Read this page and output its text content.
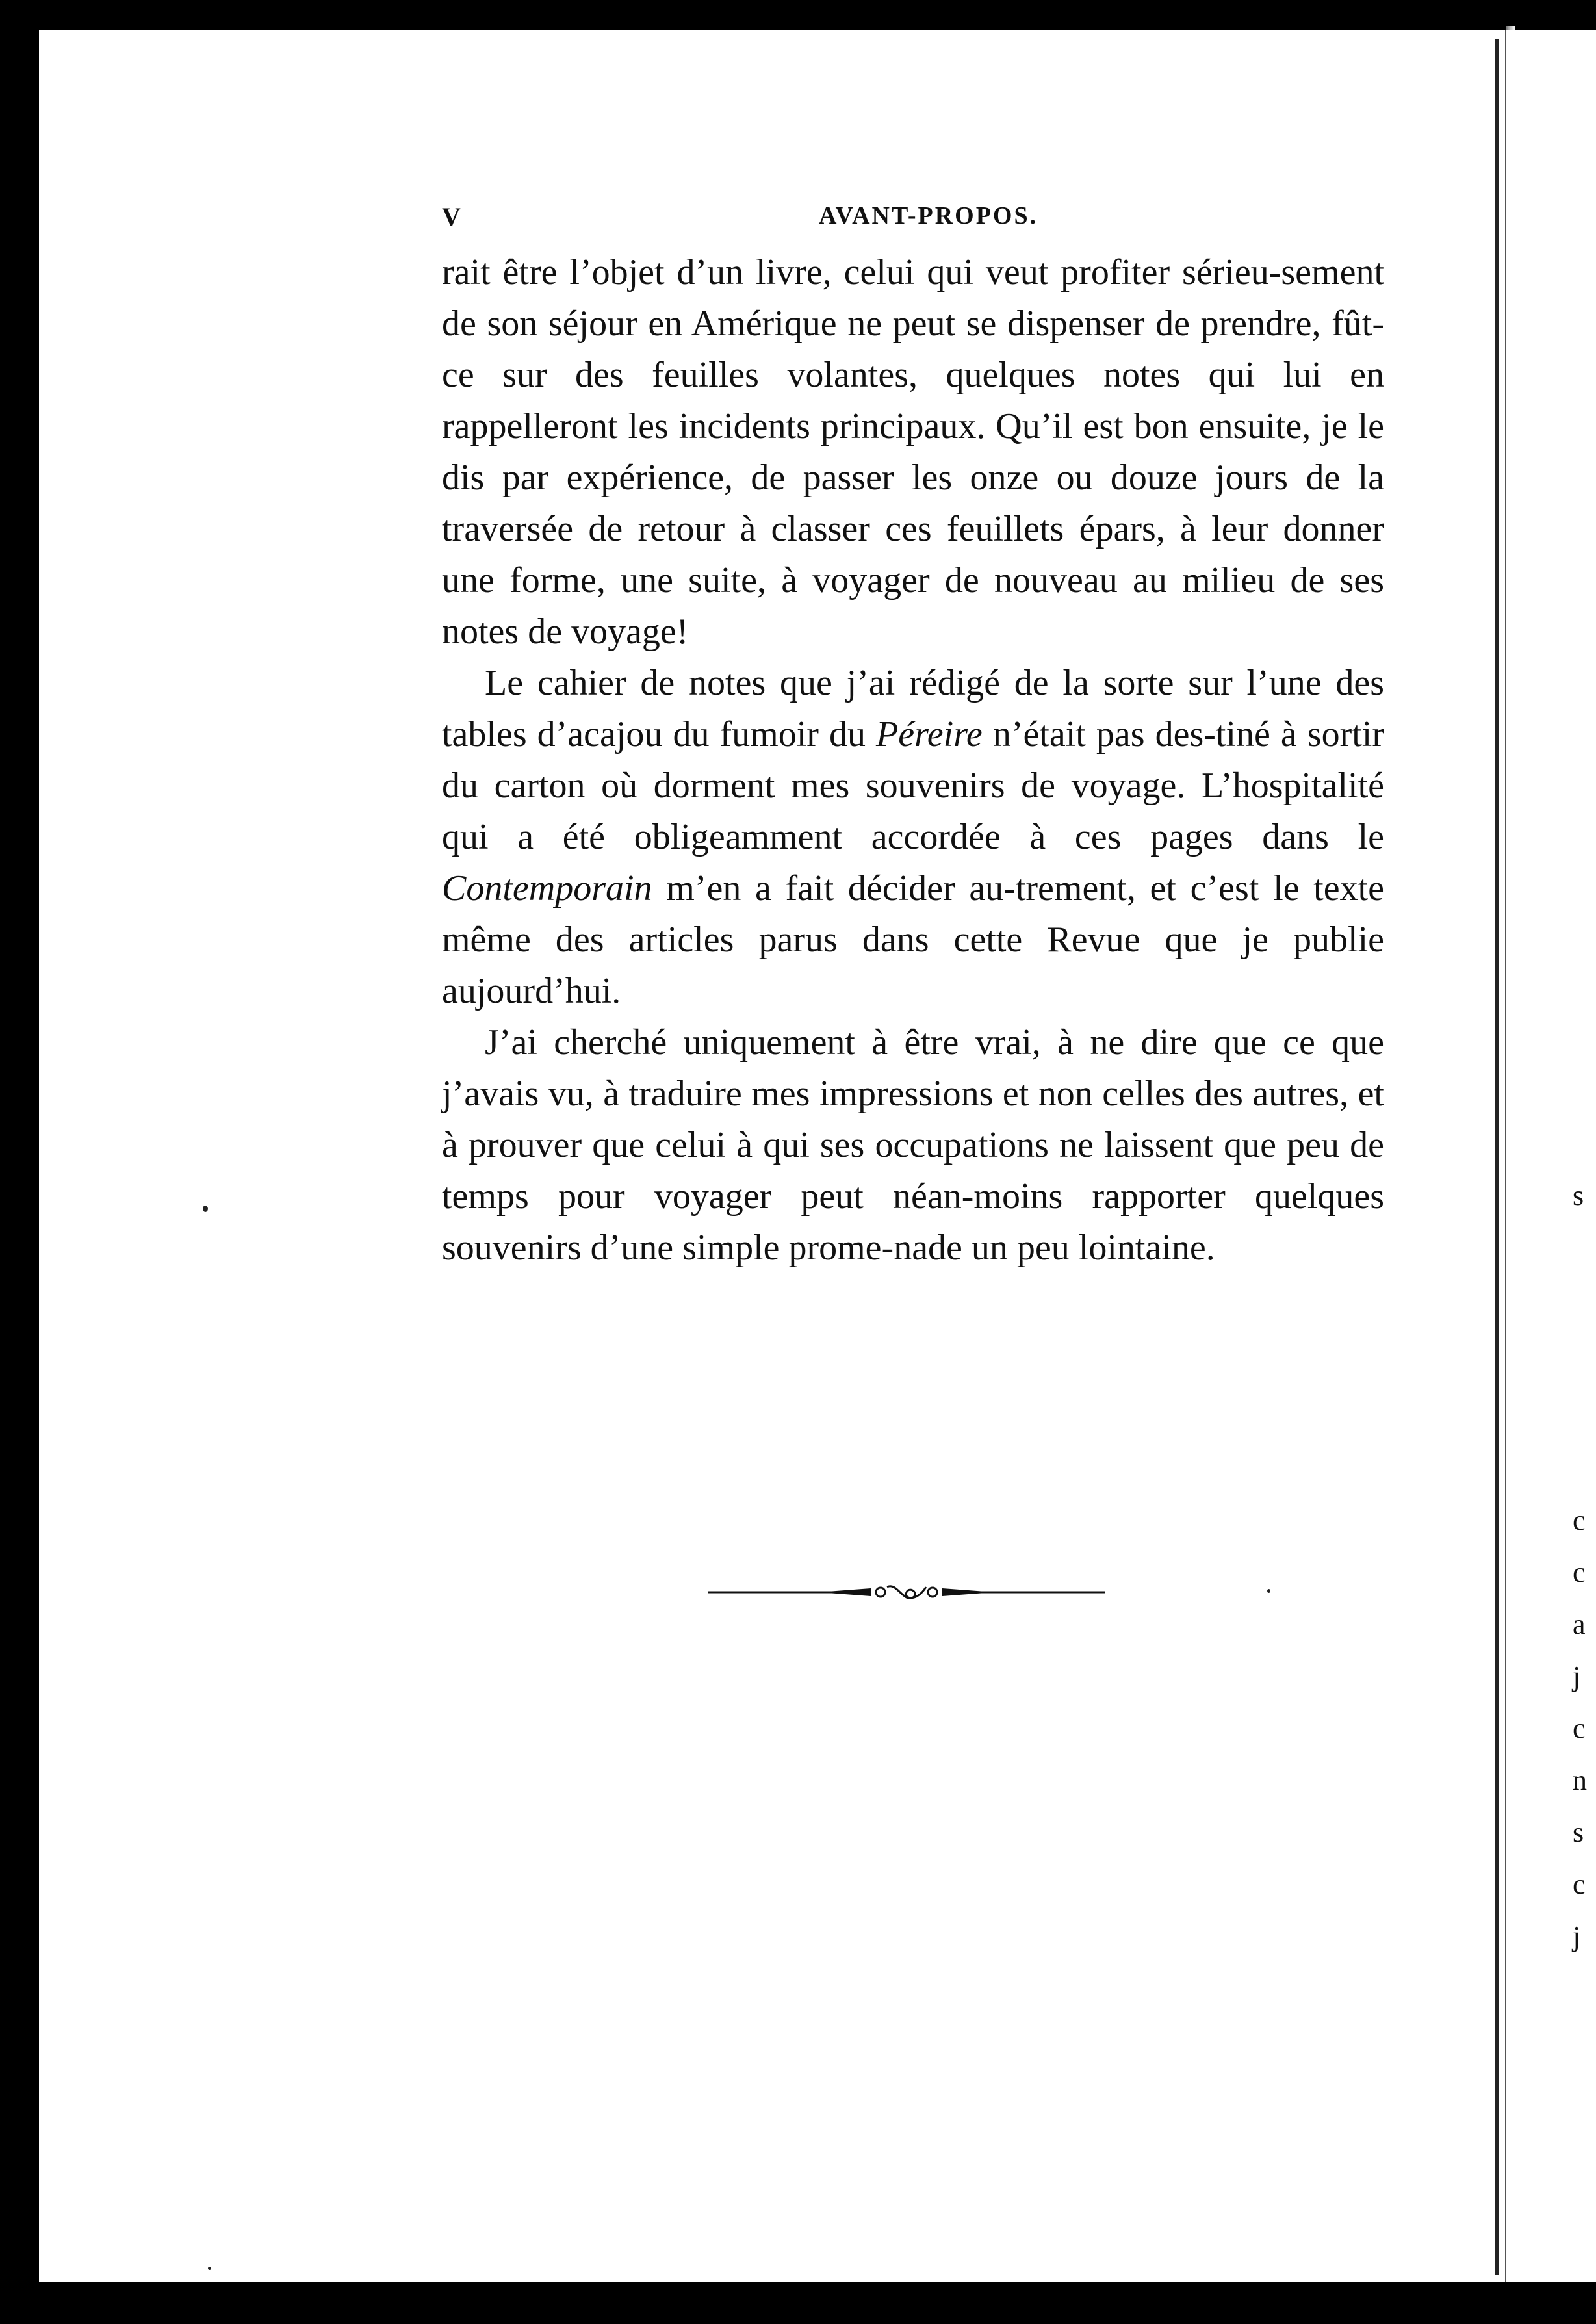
V	AVANT-PROPOS.

rait être l’objet d’un livre, celui qui veut profiter sérieu-sement de son séjour en Amérique ne peut se dispenser de prendre, fût-ce sur des feuilles volantes, quelques notes qui lui en rappelleront les incidents principaux. Qu’il est bon ensuite, je le dis par expérience, de passer les onze ou douze jours de la traversée de retour à classer ces feuillets épars, à leur donner une forme, une suite, à voyager de nouveau au milieu de ses notes de voyage!

Le cahier de notes que j’ai rédigé de la sorte sur l’une des tables d’acajou du fumoir du Péreire n’était pas des-tiné à sortir du carton où dorment mes souvenirs de voyage. L’hospitalité qui a été obligeamment accordée à ces pages dans le Contemporain m’en a fait décider au-trement, et c’est le texte même des articles parus dans cette Revue que je publie aujourd’hui.

J’ai cherché uniquement à être vrai, à ne dire que ce que j’avais vu, à traduire mes impressions et non celles des autres, et à prouver que celui à qui ses occupations ne laissent que peu de temps pour voyager peut néan-moins rapporter quelques souvenirs d’une simple prome-nade un peu lointaine.

s
c
c
a
j
c
n
s
c
j
